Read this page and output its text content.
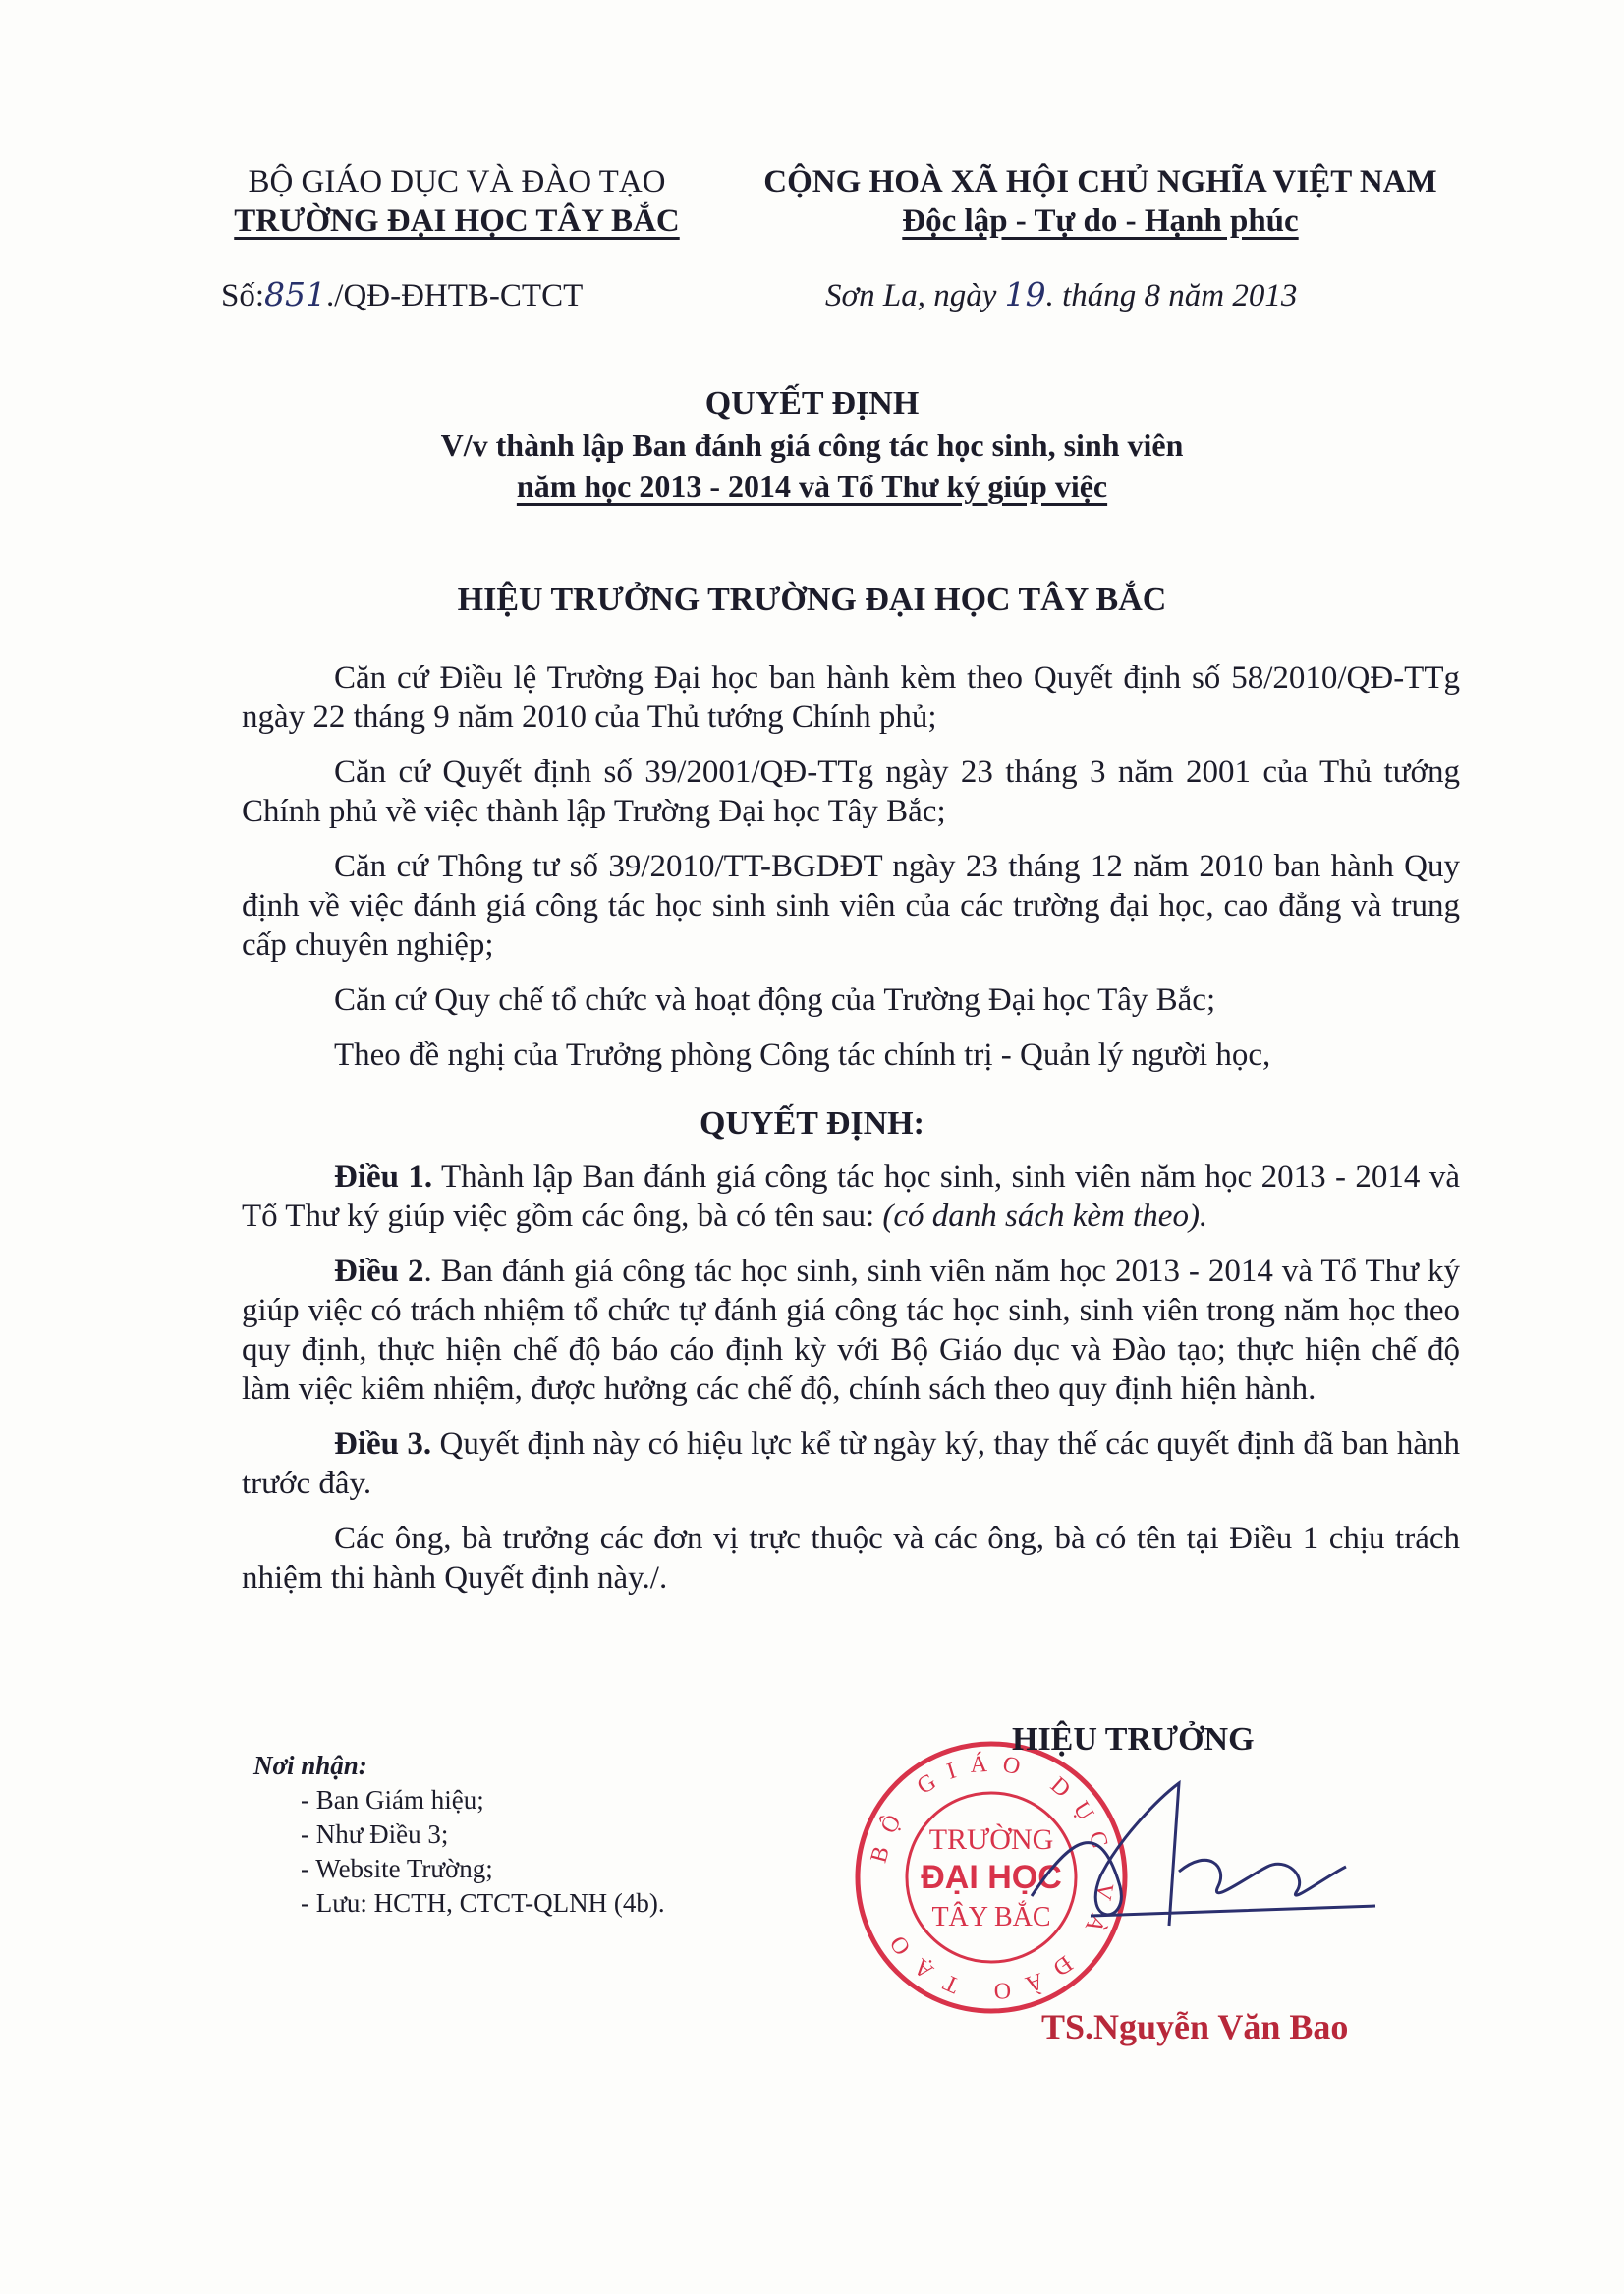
BỘ GIÁO DỤC VÀ ĐÀO TẠO
TRƯỜNG ĐẠI HỌC TÂY BẮC
CỘNG HOÀ XÃ HỘI CHỦ NGHĨA VIỆT NAM
Độc lập - Tự do - Hạnh phúc
Số:851./QĐ-ĐHTB-CTCT	Sơn La, ngày 19. tháng 8 năm 2013
QUYẾT ĐỊNH
V/v thành lập Ban đánh giá công tác học sinh, sinh viên
năm học 2013 - 2014 và Tổ Thư ký giúp việc
HIỆU TRƯỞNG TRƯỜNG ĐẠI HỌC TÂY BẮC

Căn cứ Điều lệ Trường Đại học ban hành kèm theo Quyết định số 58/2010/QĐ-TTg ngày 22 tháng 9 năm 2010 của Thủ tướng Chính phủ;

Căn cứ Quyết định số 39/2001/QĐ-TTg ngày 23 tháng 3 năm 2001 của Thủ tướng Chính phủ về việc thành lập Trường Đại học Tây Bắc;

Căn cứ Thông tư số 39/2010/TT-BGDĐT ngày 23 tháng 12 năm 2010 ban hành Quy định về việc đánh giá công tác học sinh sinh viên của các trường đại học, cao đẳng và trung cấp chuyên nghiệp;

Căn cứ Quy chế tổ chức và hoạt động của Trường Đại học Tây Bắc;

Theo đề nghị của Trưởng phòng Công tác chính trị - Quản lý người học,

QUYẾT ĐỊNH:

Điều 1. Thành lập Ban đánh giá công tác học sinh, sinh viên năm học 2013 - 2014 và Tổ Thư ký giúp việc gồm các ông, bà có tên sau: (có danh sách kèm theo).

Điều 2. Ban đánh giá công tác học sinh, sinh viên năm học 2013 - 2014 và Tổ Thư ký giúp việc có trách nhiệm tổ chức tự đánh giá công tác học sinh, sinh viên trong năm học theo quy định, thực hiện chế độ báo cáo định kỳ với Bộ Giáo dục và Đào tạo; thực hiện chế độ làm việc kiêm nhiệm, được hưởng các chế độ, chính sách theo quy định hiện hành.

Điều 3. Quyết định này có hiệu lực kể từ ngày ký, thay thế các quyết định đã ban hành trước đây.

Các ông, bà trưởng các đơn vị trực thuộc và các ông, bà có tên tại Điều 1 chịu trách nhiệm thi hành Quyết định này./.

Nơi nhận:
- Ban Giám hiệu;
- Như Điều 3;
- Website Trường;
- Lưu: HCTH, CTCT-QLNH (4b).
BỘ GIÁO DỤC VÀ ĐÀO TẠO
TRƯỜNG
ĐẠI HỌC
TÂY BẮC
HIỆU TRƯỞNG
TS.Nguyễn Văn Bao
